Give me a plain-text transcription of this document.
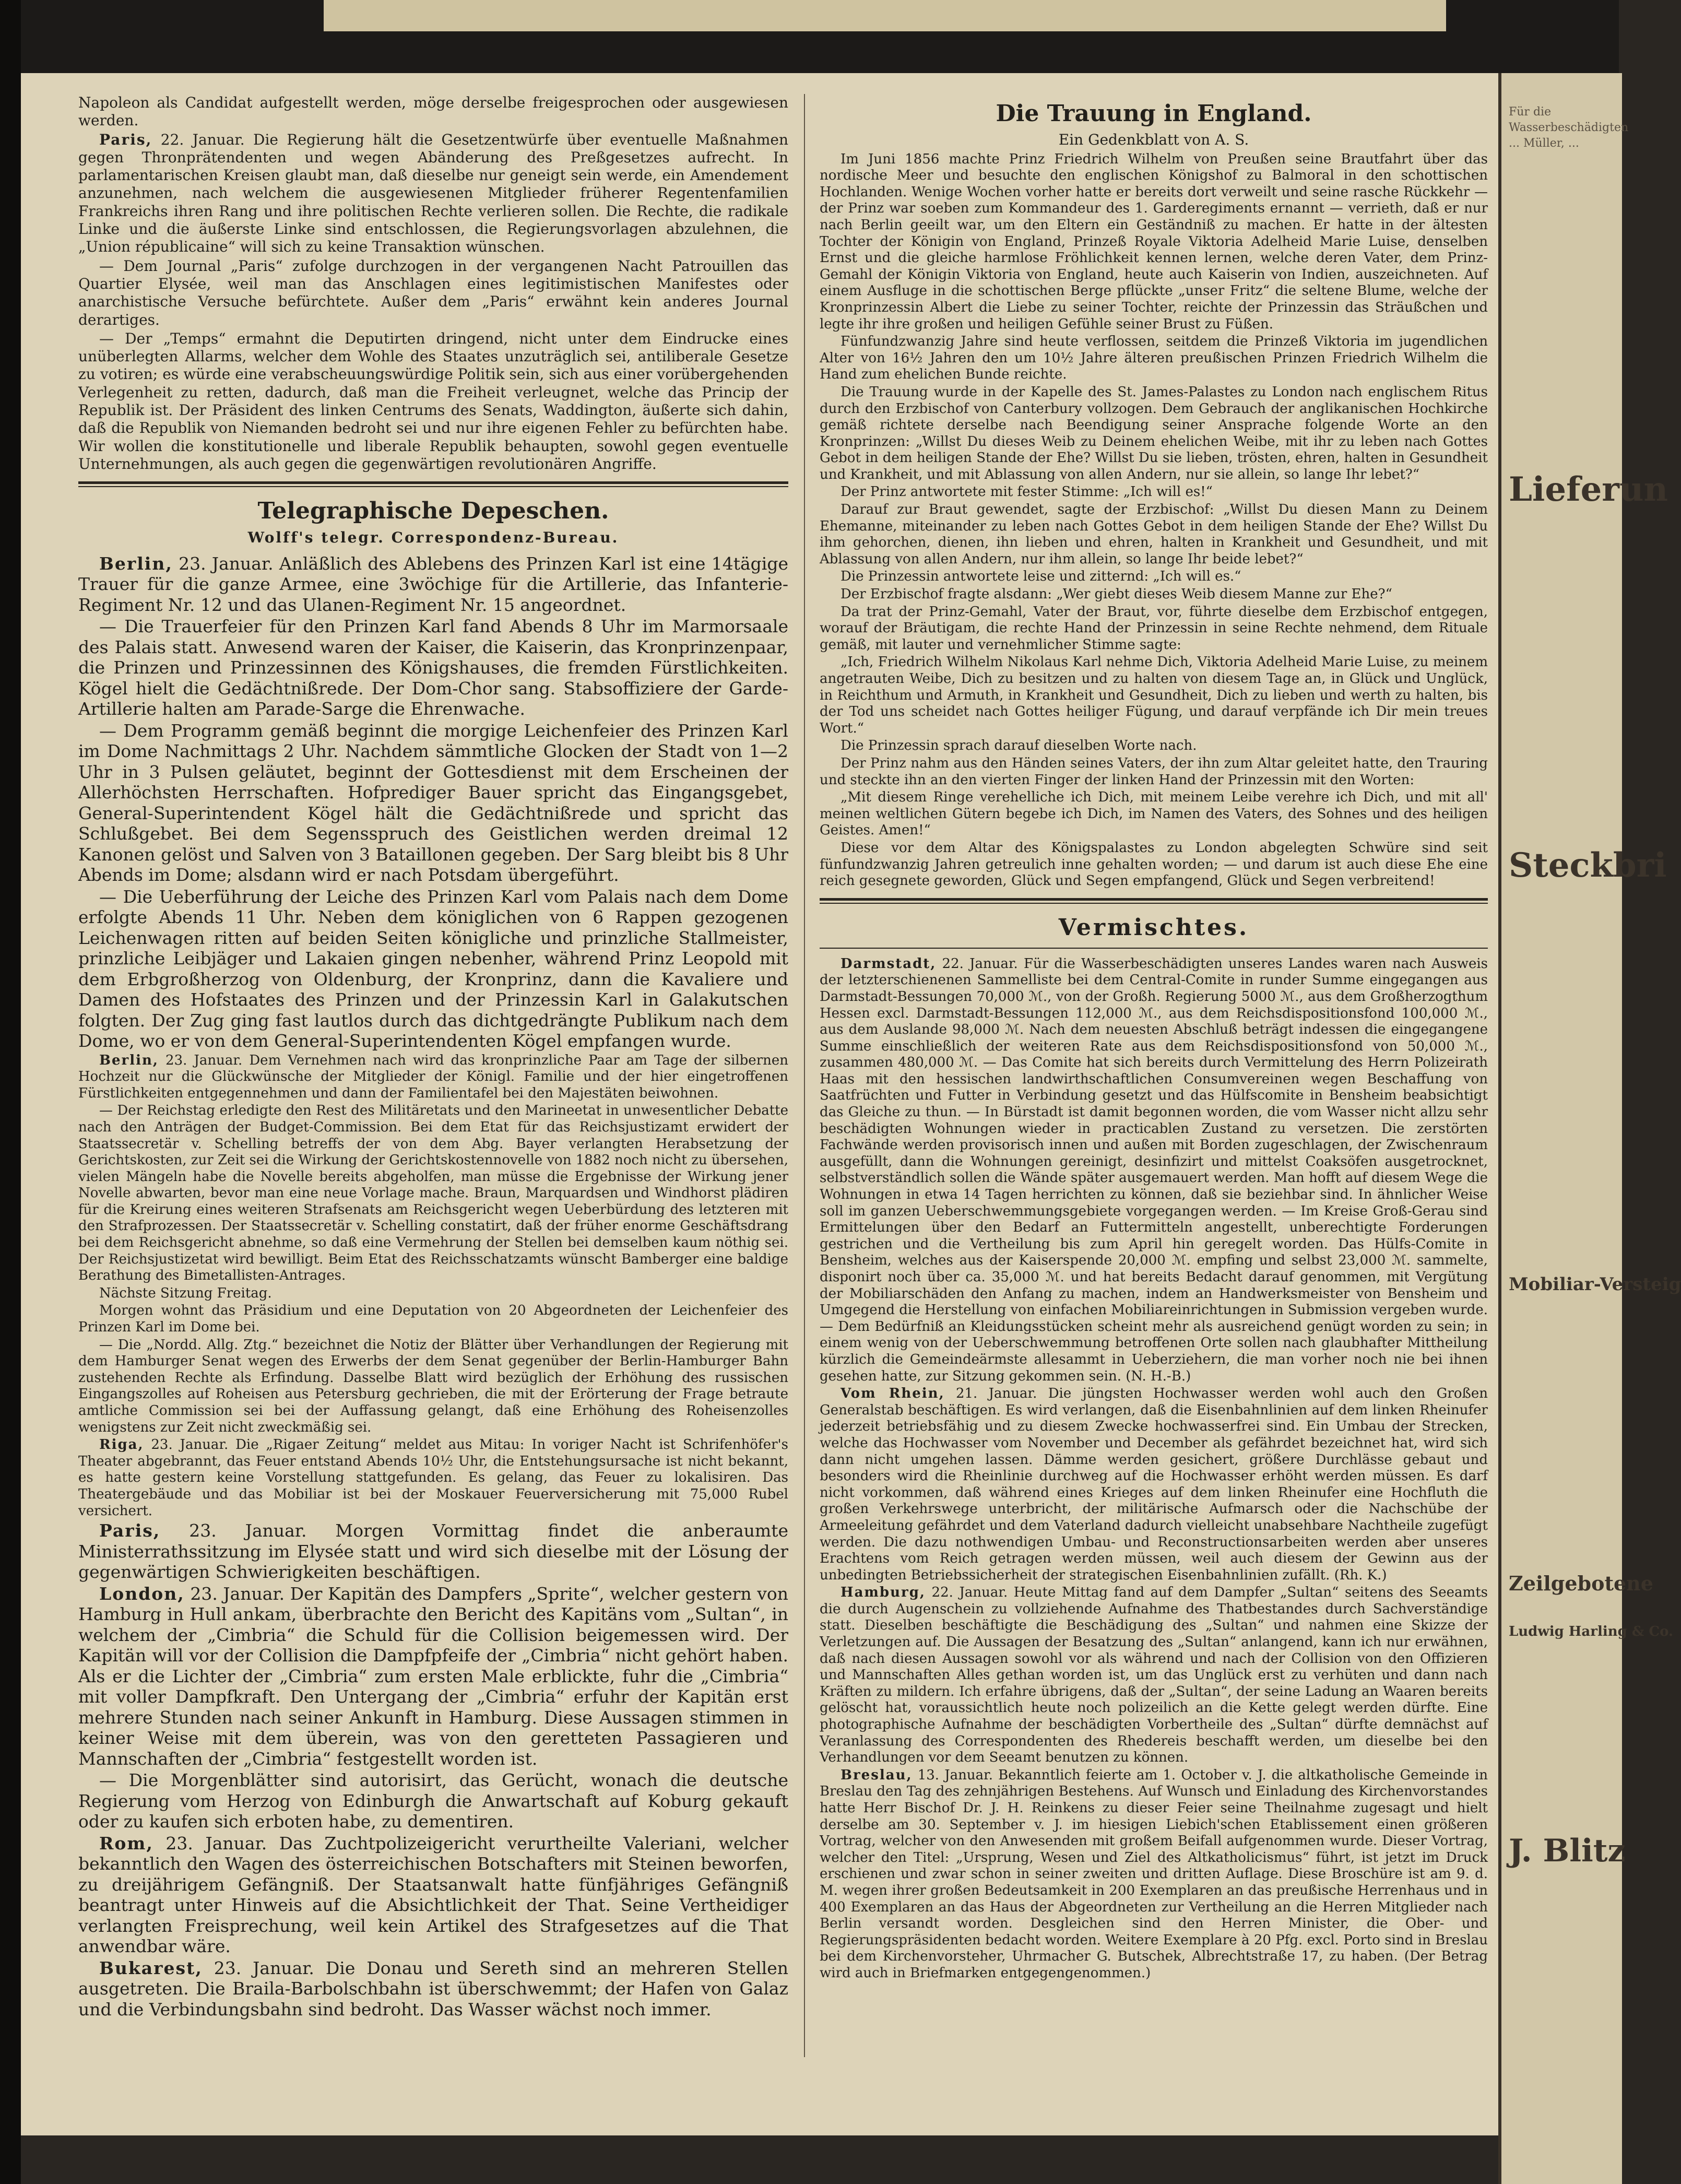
Napoleon als Candidat aufgestellt werden, möge derselbe freigesprochen oder ausgewiesen werden.

Paris, 22. Januar. Die Regierung hält die Gesetzentwürfe über eventuelle Maßnahmen gegen Thronprätendenten und wegen Abänderung des Preßgesetzes aufrecht. In parlamentarischen Kreisen glaubt man, daß dieselbe nur geneigt sein werde, ein Amendement anzunehmen, nach welchem die ausgewiesenen Mitglieder früherer Regentenfamilien Frankreichs ihren Rang und ihre politischen Rechte verlieren sollen. Die Rechte, die radikale Linke und die äußerste Linke sind entschlossen, die Regierungsvorlagen abzulehnen, die „Union républicaine“ will sich zu keine Transaktion wünschen.

— Dem Journal „Paris“ zufolge durchzogen in der vergangenen Nacht Patrouillen das Quartier Elysée, weil man das Anschlagen eines legitimistischen Manifestes oder anarchistische Versuche befürchtete. Außer dem „Paris“ erwähnt kein anderes Journal derartiges.

— Der „Temps“ ermahnt die Deputirten dringend, nicht unter dem Eindrucke eines unüberlegten Allarms, welcher dem Wohle des Staates unzuträglich sei, antiliberale Gesetze zu votiren; es würde eine verabscheuungswürdige Politik sein, sich aus einer vorübergehenden Verlegenheit zu retten, dadurch, daß man die Freiheit verleugnet, welche das Princip der Republik ist. Der Präsident des linken Centrums des Senats, Waddington, äußerte sich dahin, daß die Republik von Niemanden bedroht sei und nur ihre eigenen Fehler zu befürchten habe. Wir wollen die konstitutionelle und liberale Republik behaupten, sowohl gegen eventuelle Unternehmungen, als auch gegen die gegenwärtigen revolutionären Angriffe.

Telegraphische Depeschen.
Wolff's telegr. Correspondenz-Bureau.

Berlin, 23. Januar. Anläßlich des Ablebens des Prinzen Karl ist eine 14tägige Trauer für die ganze Armee, eine 3wöchige für die Artillerie, das Infanterie-Regiment Nr. 12 und das Ulanen-Regiment Nr. 15 angeordnet.

— Die Trauerfeier für den Prinzen Karl fand Abends 8 Uhr im Marmorsaale des Palais statt. Anwesend waren der Kaiser, die Kaiserin, das Kronprinzenpaar, die Prinzen und Prinzessinnen des Königshauses, die fremden Fürstlichkeiten. Kögel hielt die Gedächtnißrede. Der Dom-Chor sang. Stabsoffiziere der Garde-Artillerie halten am Parade-Sarge die Ehrenwache.

— Dem Programm gemäß beginnt die morgige Leichenfeier des Prinzen Karl im Dome Nachmittags 2 Uhr. Nachdem sämmtliche Glocken der Stadt von 1—2 Uhr in 3 Pulsen geläutet, beginnt der Gottesdienst mit dem Erscheinen der Allerhöchsten Herrschaften. Hofprediger Bauer spricht das Eingangsgebet, General-Superintendent Kögel hält die Gedächtnißrede und spricht das Schlußgebet. Bei dem Segensspruch des Geistlichen werden dreimal 12 Kanonen gelöst und Salven von 3 Bataillonen gegeben. Der Sarg bleibt bis 8 Uhr Abends im Dome; alsdann wird er nach Potsdam übergeführt.

— Die Ueberführung der Leiche des Prinzen Karl vom Palais nach dem Dome erfolgte Abends 11 Uhr. Neben dem königlichen von 6 Rappen gezogenen Leichenwagen ritten auf beiden Seiten königliche und prinzliche Stallmeister, prinzliche Leibjäger und Lakaien gingen nebenher, während Prinz Leopold mit dem Erbgroßherzog von Oldenburg, der Kronprinz, dann die Kavaliere und Damen des Hofstaates des Prinzen und der Prinzessin Karl in Galakutschen folgten. Der Zug ging fast lautlos durch das dichtgedrängte Publikum nach dem Dome, wo er von dem General-Superintendenten Kögel empfangen wurde.

Berlin, 23. Januar. Dem Vernehmen nach wird das kronprinzliche Paar am Tage der silbernen Hochzeit nur die Glückwünsche der Mitglieder der Königl. Familie und der hier eingetroffenen Fürstlichkeiten entgegennehmen und dann der Familientafel bei den Majestäten beiwohnen.

— Der Reichstag erledigte den Rest des Militäretats und den Marineetat in unwesentlicher Debatte nach den Anträgen der Budget-Commission. Bei dem Etat für das Reichsjustizamt erwidert der Staatssecretär v. Schelling betreffs der von dem Abg. Bayer verlangten Herabsetzung der Gerichtskosten, zur Zeit sei die Wirkung der Gerichtskostennovelle von 1882 noch nicht zu übersehen, vielen Mängeln habe die Novelle bereits abgeholfen, man müsse die Ergebnisse der Wirkung jener Novelle abwarten, bevor man eine neue Vorlage mache. Braun, Marquardsen und Windhorst plädiren für die Kreirung eines weiteren Strafsenats am Reichsgericht wegen Ueberbürdung des letzteren mit den Strafprozessen. Der Staatssecretär v. Schelling constatirt, daß der früher enorme Geschäftsdrang bei dem Reichsgericht abnehme, so daß eine Vermehrung der Stellen bei demselben kaum nöthig sei. Der Reichsjustizetat wird bewilligt. Beim Etat des Reichsschatzamts wünscht Bamberger eine baldige Berathung des Bimetallisten-Antrages.

Nächste Sitzung Freitag.

Morgen wohnt das Präsidium und eine Deputation von 20 Abgeordneten der Leichenfeier des Prinzen Karl im Dome bei.

— Die „Nordd. Allg. Ztg.“ bezeichnet die Notiz der Blätter über Verhandlungen der Regierung mit dem Hamburger Senat wegen des Erwerbs der dem Senat gegenüber der Berlin-Hamburger Bahn zustehenden Rechte als Erfindung. Dasselbe Blatt wird bezüglich der Erhöhung des russischen Eingangszolles auf Roheisen aus Petersburg gechrieben, die mit der Erörterung der Frage betraute amtliche Commission sei bei der Auffassung gelangt, daß eine Erhöhung des Roheisenzolles wenigstens zur Zeit nicht zweckmäßig sei.

Riga, 23. Januar. Die „Rigaer Zeitung“ meldet aus Mitau: In voriger Nacht ist Schrifenhöfer's Theater abgebrannt, das Feuer entstand Abends 10½ Uhr, die Entstehungsursache ist nicht bekannt, es hatte gestern keine Vorstellung stattgefunden. Es gelang, das Feuer zu lokalisiren. Das Theatergebäude und das Mobiliar ist bei der Moskauer Feuerversicherung mit 75,000 Rubel versichert.

Paris, 23. Januar. Morgen Vormittag findet die anberaumte Ministerrathssitzung im Elysée statt und wird sich dieselbe mit der Lösung der gegenwärtigen Schwierigkeiten beschäftigen.

London, 23. Januar. Der Kapitän des Dampfers „Sprite“, welcher gestern von Hamburg in Hull ankam, überbrachte den Bericht des Kapitäns vom „Sultan“, in welchem der „Cimbria“ die Schuld für die Collision beigemessen wird. Der Kapitän will vor der Collision die Dampfpfeife der „Cimbria“ nicht gehört haben. Als er die Lichter der „Cimbria“ zum ersten Male erblickte, fuhr die „Cimbria“ mit voller Dampfkraft. Den Untergang der „Cimbria“ erfuhr der Kapitän erst mehrere Stunden nach seiner Ankunft in Hamburg. Diese Aussagen stimmen in keiner Weise mit dem überein, was von den geretteten Passagieren und Mannschaften der „Cimbria“ festgestellt worden ist.

— Die Morgenblätter sind autorisirt, das Gerücht, wonach die deutsche Regierung vom Herzog von Edinburgh die Anwartschaft auf Koburg gekauft oder zu kaufen sich erboten habe, zu dementiren.

Rom, 23. Januar. Das Zuchtpolizeigericht verurtheilte Valeriani, welcher bekanntlich den Wagen des österreichischen Botschafters mit Steinen beworfen, zu dreijährigem Gefängniß. Der Staatsanwalt hatte fünfjähriges Gefängniß beantragt unter Hinweis auf die Absichtlichkeit der That. Seine Vertheidiger verlangten Freisprechung, weil kein Artikel des Strafgesetzes auf die That anwendbar wäre.

Bukarest, 23. Januar. Die Donau und Sereth sind an mehreren Stellen ausgetreten. Die Braila-Barbolschbahn ist überschwemmt; der Hafen von Galaz und die Verbindungsbahn sind bedroht. Das Wasser wächst noch immer.

Die Trauung in England.
Ein Gedenkblatt von A. S.

Im Juni 1856 machte Prinz Friedrich Wilhelm von Preußen seine Brautfahrt über das nordische Meer und besuchte den englischen Königshof zu Balmoral in den schottischen Hochlanden. Wenige Wochen vorher hatte er bereits dort verweilt und seine rasche Rückkehr — der Prinz war soeben zum Kommandeur des 1. Garderegiments ernannt — verrieth, daß er nur nach Berlin geeilt war, um den Eltern ein Geständniß zu machen. Er hatte in der ältesten Tochter der Königin von England, Prinzeß Royale Viktoria Adelheid Marie Luise, denselben Ernst und die gleiche harmlose Fröhlichkeit kennen lernen, welche deren Vater, dem Prinz-Gemahl der Königin Viktoria von England, heute auch Kaiserin von Indien, auszeichneten. Auf einem Ausfluge in die schottischen Berge pflückte „unser Fritz“ die seltene Blume, welche der Kronprinzessin Albert die Liebe zu seiner Tochter, reichte der Prinzessin das Sträußchen und legte ihr ihre großen und heiligen Gefühle seiner Brust zu Füßen.

Fünfundzwanzig Jahre sind heute verflossen, seitdem die Prinzeß Viktoria im jugendlichen Alter von 16½ Jahren den um 10½ Jahre älteren preußischen Prinzen Friedrich Wilhelm die Hand zum ehelichen Bunde reichte.

Die Trauung wurde in der Kapelle des St. James-Palastes zu London nach englischem Ritus durch den Erzbischof von Canterbury vollzogen. Dem Gebrauch der anglikanischen Hochkirche gemäß richtete derselbe nach Beendigung seiner Ansprache folgende Worte an den Kronprinzen: „Willst Du dieses Weib zu Deinem ehelichen Weibe, mit ihr zu leben nach Gottes Gebot in dem heiligen Stande der Ehe? Willst Du sie lieben, trösten, ehren, halten in Gesundheit und Krankheit, und mit Ablassung von allen Andern, nur sie allein, so lange Ihr lebet?“

Der Prinz antwortete mit fester Stimme: „Ich will es!“

Darauf zur Braut gewendet, sagte der Erzbischof: „Willst Du diesen Mann zu Deinem Ehemanne, miteinander zu leben nach Gottes Gebot in dem heiligen Stande der Ehe? Willst Du ihm gehorchen, dienen, ihn lieben und ehren, halten in Krankheit und Gesundheit, und mit Ablassung von allen Andern, nur ihm allein, so lange Ihr beide lebet?“

Die Prinzessin antwortete leise und zitternd: „Ich will es.“

Der Erzbischof fragte alsdann: „Wer giebt dieses Weib diesem Manne zur Ehe?“

Da trat der Prinz-Gemahl, Vater der Braut, vor, führte dieselbe dem Erzbischof entgegen, worauf der Bräutigam, die rechte Hand der Prinzessin in seine Rechte nehmend, dem Rituale gemäß, mit lauter und vernehmlicher Stimme sagte:

„Ich, Friedrich Wilhelm Nikolaus Karl nehme Dich, Viktoria Adelheid Marie Luise, zu meinem angetrauten Weibe, Dich zu besitzen und zu halten von diesem Tage an, in Glück und Unglück, in Reichthum und Armuth, in Krankheit und Gesundheit, Dich zu lieben und werth zu halten, bis der Tod uns scheidet nach Gottes heiliger Fügung, und darauf verpfände ich Dir mein treues Wort.“

Die Prinzessin sprach darauf dieselben Worte nach.

Der Prinz nahm aus den Händen seines Vaters, der ihn zum Altar geleitet hatte, den Trauring und steckte ihn an den vierten Finger der linken Hand der Prinzessin mit den Worten:

„Mit diesem Ringe verehelliche ich Dich, mit meinem Leibe verehre ich Dich, und mit all' meinen weltlichen Gütern begebe ich Dich, im Namen des Vaters, des Sohnes und des heiligen Geistes. Amen!“

Diese vor dem Altar des Königspalastes zu London abgelegten Schwüre sind seit fünfundzwanzig Jahren getreulich inne gehalten worden; — und darum ist auch diese Ehe eine reich gesegnete geworden, Glück und Segen empfangend, Glück und Segen verbreitend!

Vermischtes.

Darmstadt, 22. Januar. Für die Wasserbeschädigten unseres Landes waren nach Ausweis der letzterschienenen Sammelliste bei dem Central-Comite in runder Summe eingegangen aus Darmstadt-Bessungen 70,000 ℳ., von der Großh. Regierung 5000 ℳ., aus dem Großherzogthum Hessen excl. Darmstadt-Bessungen 112,000 ℳ., aus dem Reichsdispositionsfond 100,000 ℳ., aus dem Auslande 98,000 ℳ. Nach dem neuesten Abschluß beträgt indessen die eingegangene Summe einschließlich der weiteren Rate aus dem Reichsdispositionsfond von 50,000 ℳ., zusammen 480,000 ℳ. — Das Comite hat sich bereits durch Vermittelung des Herrn Polizeirath Haas mit den hessischen landwirthschaftlichen Consumvereinen wegen Beschaffung von Saatfrüchten und Futter in Verbindung gesetzt und das Hülfscomite in Bensheim beabsichtigt das Gleiche zu thun. — In Bürstadt ist damit begonnen worden, die vom Wasser nicht allzu sehr beschädigten Wohnungen wieder in practicablen Zustand zu versetzen. Die zerstörten Fachwände werden provisorisch innen und außen mit Borden zugeschlagen, der Zwischenraum ausgefüllt, dann die Wohnungen gereinigt, desinfizirt und mittelst Coaksöfen ausgetrocknet, selbstverständlich sollen die Wände später ausgemauert werden. Man hofft auf diesem Wege die Wohnungen in etwa 14 Tagen herrichten zu können, daß sie beziehbar sind. In ähnlicher Weise soll im ganzen Ueberschwemmungsgebiete vorgegangen werden. — Im Kreise Groß-Gerau sind Ermittelungen über den Bedarf an Futtermitteln angestellt, unberechtigte Forderungen gestrichen und die Vertheilung bis zum April hin geregelt worden. Das Hülfs-Comite in Bensheim, welches aus der Kaiserspende 20,000 ℳ. empfing und selbst 23,000 ℳ. sammelte, disponirt noch über ca. 35,000 ℳ. und hat bereits Bedacht darauf genommen, mit Vergütung der Mobiliarschäden den Anfang zu machen, indem an Handwerksmeister von Bensheim und Umgegend die Herstellung von einfachen Mobiliareinrichtungen in Submission vergeben wurde. — Dem Bedürfniß an Kleidungsstücken scheint mehr als ausreichend genügt worden zu sein; in einem wenig von der Ueberschwemmung betroffenen Orte sollen nach glaubhafter Mittheilung kürzlich die Gemeindeärmste allesammt in Ueberziehern, die man vorher noch nie bei ihnen gesehen hatte, zur Sitzung gekommen sein. (N. H.-B.)

Vom Rhein, 21. Januar. Die jüngsten Hochwasser werden wohl auch den Großen Generalstab beschäftigen. Es wird verlangen, daß die Eisenbahnlinien auf dem linken Rheinufer jederzeit betriebsfähig und zu diesem Zwecke hochwasserfrei sind. Ein Umbau der Strecken, welche das Hochwasser vom November und December als gefährdet bezeichnet hat, wird sich dann nicht umgehen lassen. Dämme werden gesichert, größere Durchlässe gebaut und besonders wird die Rheinlinie durchweg auf die Hochwasser erhöht werden müssen. Es darf nicht vorkommen, daß während eines Krieges auf dem linken Rheinufer eine Hochfluth die großen Verkehrswege unterbricht, der militärische Aufmarsch oder die Nachschübe der Armeeleitung gefährdet und dem Vaterland dadurch vielleicht unabsehbare Nachtheile zugefügt werden. Die dazu nothwendigen Umbau- und Reconstructionsarbeiten werden aber unseres Erachtens vom Reich getragen werden müssen, weil auch diesem der Gewinn aus der unbedingten Betriebssicherheit der strategischen Eisenbahnlinien zufällt. (Rh. K.)

Hamburg, 22. Januar. Heute Mittag fand auf dem Dampfer „Sultan“ seitens des Seeamts die durch Augenschein zu vollziehende Aufnahme des Thatbestandes durch Sachverständige statt. Dieselben beschäftigte die Beschädigung des „Sultan“ und nahmen eine Skizze der Verletzungen auf. Die Aussagen der Besatzung des „Sultan“ anlangend, kann ich nur erwähnen, daß nach diesen Aussagen sowohl vor als während und nach der Collision von den Offizieren und Mannschaften Alles gethan worden ist, um das Unglück erst zu verhüten und dann nach Kräften zu mildern. Ich erfahre übrigens, daß der „Sultan“, der seine Ladung an Waaren bereits gelöscht hat, voraussichtlich heute noch polizeilich an die Kette gelegt werden dürfte. Eine photographische Aufnahme der beschädigten Vorbertheile des „Sultan“ dürfte demnächst auf Veranlassung des Correspondenten des Rhedereis beschafft werden, um dieselbe bei den Verhandlungen vor dem Seeamt benutzen zu können.

Breslau, 13. Januar. Bekanntlich feierte am 1. October v. J. die altkatholische Gemeinde in Breslau den Tag des zehnjährigen Bestehens. Auf Wunsch und Einladung des Kirchenvorstandes hatte Herr Bischof Dr. J. H. Reinkens zu dieser Feier seine Theilnahme zugesagt und hielt derselbe am 30. September v. J. im hiesigen Liebich'schen Etablissement einen größeren Vortrag, welcher von den Anwesenden mit großem Beifall aufgenommen wurde. Dieser Vortrag, welcher den Titel: „Ursprung, Wesen und Ziel des Altkatholicismus“ führt, ist jetzt im Druck erschienen und zwar schon in seiner zweiten und dritten Auflage. Diese Broschüre ist am 9. d. M. wegen ihrer großen Bedeutsamkeit in 200 Exemplaren an das preußische Herrenhaus und in 400 Exemplaren an das Haus der Abgeordneten zur Vertheilung an die Herren Mitglieder nach Berlin versandt worden. Desgleichen sind den Herren Minister, die Ober- und Regierungspräsidenten bedacht worden. Weitere Exemplare à 20 Pfg. excl. Porto sind in Breslau bei dem Kirchenvorsteher, Uhrmacher G. Butschek, Albrechtstraße 17, zu haben. (Der Betrag wird auch in Briefmarken entgegengenommen.)

Für die Wasserbeschädigten ... Müller, ...
Lieferun
Steckbri
Mobiliar-Versteig
Zeilgebotene
Ludwig Harling & Co.
J. Blitz
